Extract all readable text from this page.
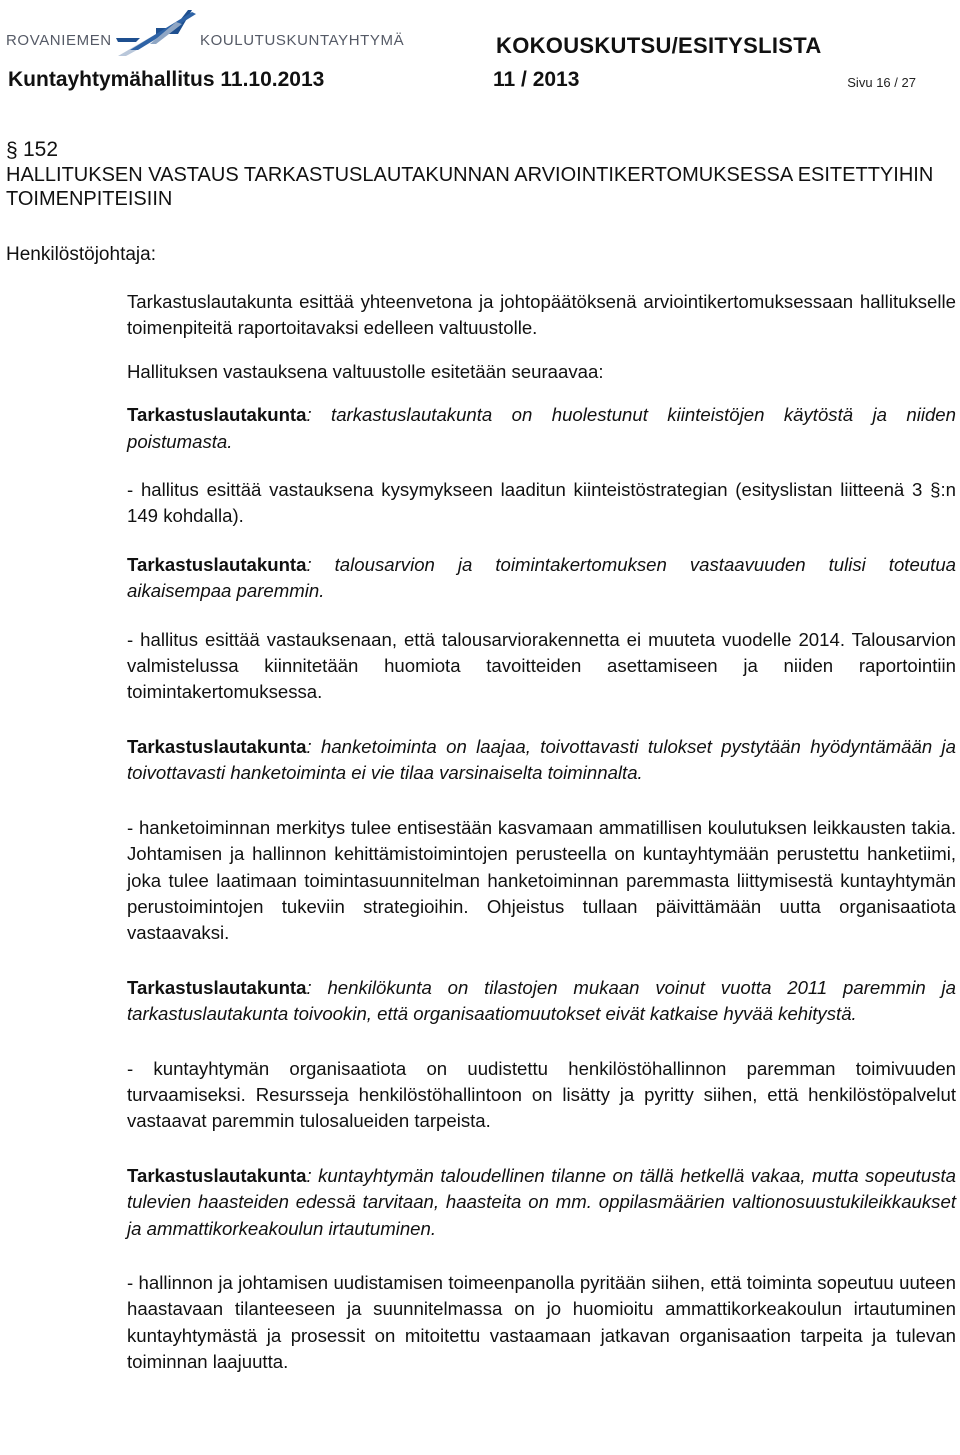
ROVANIEMEN	KOULUTUSKUNTAYHTYMÄ	KOKOUSKUTSU/ESITYSLISTA
Kuntayhtymähallitus 11.10.2013	11 / 2013	Sivu 16 / 27
§ 152
HALLITUKSEN VASTAUS TARKASTUSLAUTAKUNNAN ARVIOINTIKERTOMUKSESSA ESITETTYIHIN TOIMENPITEISIIN
Henkilöstöjohtaja:

Tarkastuslautakunta esittää yhteenvetona ja johtopäätöksenä arviointikertomuksessaan hallitukselle toimenpiteitä raportoitavaksi edelleen valtuustolle.

Hallituksen vastauksena valtuustolle esitetään seuraavaa:

Tarkastuslautakunta: tarkastuslautakunta on huolestunut kiinteistöjen käytöstä ja niiden poistumasta.

- hallitus esittää vastauksena kysymykseen laaditun kiinteistöstrategian (esityslistan liitteenä 3 §:n 149 kohdalla).

Tarkastuslautakunta: talousarvion ja toimintakertomuksen vastaavuuden tulisi toteutua aikaisempaa paremmin.

- hallitus esittää vastauksenaan, että talousarviorakennetta ei muuteta vuodelle 2014. Talousarvion valmistelussa kiinnitetään huomiota tavoitteiden asettamiseen ja niiden raportointiin toimintakertomuksessa.

Tarkastuslautakunta: hanketoiminta on laajaa, toivottavasti tulokset pystytään hyödyntämään ja toivottavasti hanketoiminta ei vie tilaa varsinaiselta toiminnalta.

- hanketoiminnan merkitys tulee entisestään kasvamaan ammatillisen koulutuksen leikkausten takia. Johtamisen ja hallinnon kehittämistoimintojen perusteella on kuntayhtymään perustettu hanketiimi, joka tulee laatimaan toimintasuunnitelman hanketoiminnan paremmasta liittymisestä kuntayhtymän perustoimintojen tukeviin strategioihin. Ohjeistus tullaan päivittämään uutta organisaatiota vastaavaksi.

Tarkastuslautakunta: henkilökunta on tilastojen mukaan voinut vuotta 2011 paremmin ja tarkastuslautakunta toivookin, että organisaatiomuutokset eivät katkaise hyvää kehitystä.

- kuntayhtymän organisaatiota on uudistettu henkilöstöhallinnon paremman toimivuuden turvaamiseksi. Resursseja henkilöstöhallintoon on lisätty ja pyritty siihen, että henkilöstöpalvelut vastaavat paremmin tulosalueiden tarpeista.

Tarkastuslautakunta: kuntayhtymän taloudellinen tilanne on tällä hetkellä vakaa, mutta sopeutusta tulevien haasteiden edessä tarvitaan, haasteita on mm. oppilasmäärien valtionosuustukileikkaukset ja ammattikorkeakoulun irtautuminen.

- hallinnon ja johtamisen uudistamisen toimeenpanolla pyritään siihen, että toiminta sopeutuu uuteen haastavaan tilanteeseen ja suunnitelmassa on jo huomioitu ammattikorkeakoulun irtautuminen kuntayhtymästä ja prosessit on mitoitettu vastaamaan jatkavan organisaation tarpeita ja tulevan toiminnan laajuutta.
